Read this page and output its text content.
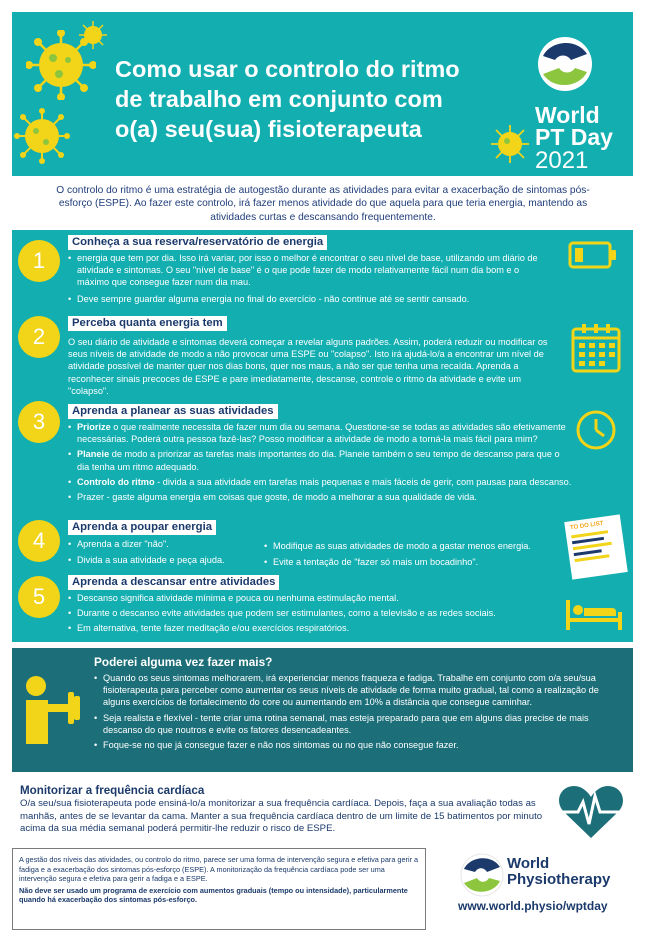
Como usar o controlo do ritmo
de trabalho em conjunto com
o(a) seu(sua) fisioterapeuta
World
PT Day
2021
O controlo do ritmo é uma estratégia de autogestão durante as atividades para evitar a exacerbação de sintomas pós-esforço (ESPE). Ao fazer este controlo, irá fazer menos atividade do que aquela para que teria energia, mantendo as atividades curtas e descansando frequentemente.
1
Conheça a sua reserva/reservatório de energia
• energia que tem por dia. Isso irá variar, por isso o melhor é encontrar o seu nível de base, utilizando um diário de atividade e sintomas. O seu "nível de base" é o que pode fazer de modo relativamente fácil num dia bom e o máximo que consegue fazer num dia mau.
• Deve sempre guardar alguma energia no final do exercício - não continue até se sentir cansado.
2
Perceba quanta energia tem
O seu diário de atividade e sintomas deverá começar a revelar alguns padrões. Assim, poderá reduzir ou modificar os seus níveis de atividade de modo a não provocar uma ESPE ou "colapso". Isto irá ajudá-lo/a a encontrar um nível de atividade possível de manter quer nos dias bons, quer nos maus, a não ser que tenha uma recaída. Aprenda a reconhecer sinais precoces de ESPE e pare imediatamente, descanse, controle o ritmo da atividade e evite um "colapso".
3	Aprenda a planear as suas atividades
• Priorize o que realmente necessita de fazer num dia ou semana. Questione-se se todas as atividades são efetivamente necessárias. Poderá outra pessoa fazê-las? Posso modificar a atividade de modo a torná-la mais fácil para mim?
• Planeie de modo a priorizar as tarefas mais importantes do dia. Planeie também o seu tempo de descanso para que o dia tenha um ritmo adequado.
• Controlo do ritmo - divida a sua atividade em tarefas mais pequenas e mais fáceis de gerir, com pausas para descanso.
• Prazer - gaste alguma energia em coisas que goste, de modo a melhorar a sua qualidade de vida.
4
Aprenda a poupar energia
• Aprenda a dizer "não".
• Divida a sua atividade e peça ajuda.
• Modifique as suas atividades de modo a gastar menos energia.
• Evite a tentação de "fazer só mais um bocadinho".
TO DO LIST
5
Aprenda a descansar entre atividades
• Descanso significa atividade mínima e pouca ou nenhuma estimulação mental.
• Durante o descanso evite atividades que podem ser estimulantes, como a televisão e as redes sociais.
• Em alternativa, tente fazer meditação e/ou exercícios respiratórios.
Poderei alguma vez fazer mais?
• Quando os seus sintomas melhorarem, irá experienciar menos fraqueza e fadiga. Trabalhe em conjunto com o/a seu/sua fisioterapeuta para perceber como aumentar os seus níveis de atividade de forma muito gradual, tal como a realização de alguns exercícios de fortalecimento do core ou aumentando em 10% a distância que consegue caminhar.
• Seja realista e flexível - tente criar uma rotina semanal, mas esteja preparado para que em alguns dias precise de mais descanso do que noutros e evite os fatores desencadeantes.
• Foque-se no que já consegue fazer e não nos sintomas ou no que não consegue fazer.
Monitorizar a frequência cardíaca
O/a seu/sua fisioterapeuta pode ensiná-lo/a monitorizar a sua frequência cardíaca. Depois, faça a sua avaliação todas as manhãs, antes de se levantar da cama. Manter a sua frequência cardíaca dentro de um limite de 15 batimentos por minuto acima da sua média semanal poderá permitir-lhe reduzir o risco de ESPE.
A gestão dos níveis das atividades, ou controlo do ritmo, parece ser uma forma de intervenção segura e efetiva para gerir a fadiga e a exacerbação dos sintomas pós-esforço (ESPE). A monitorização da frequência cardíaca pode ser uma intervenção segura e efetiva para gerir a fadiga e a ESPE.
Não deve ser usado um programa de exercício com aumentos graduais (tempo ou intensidade), particularmente quando há exacerbação dos sintomas pós-esforço.
World
Physiotherapy
www.world.physio/wptday
